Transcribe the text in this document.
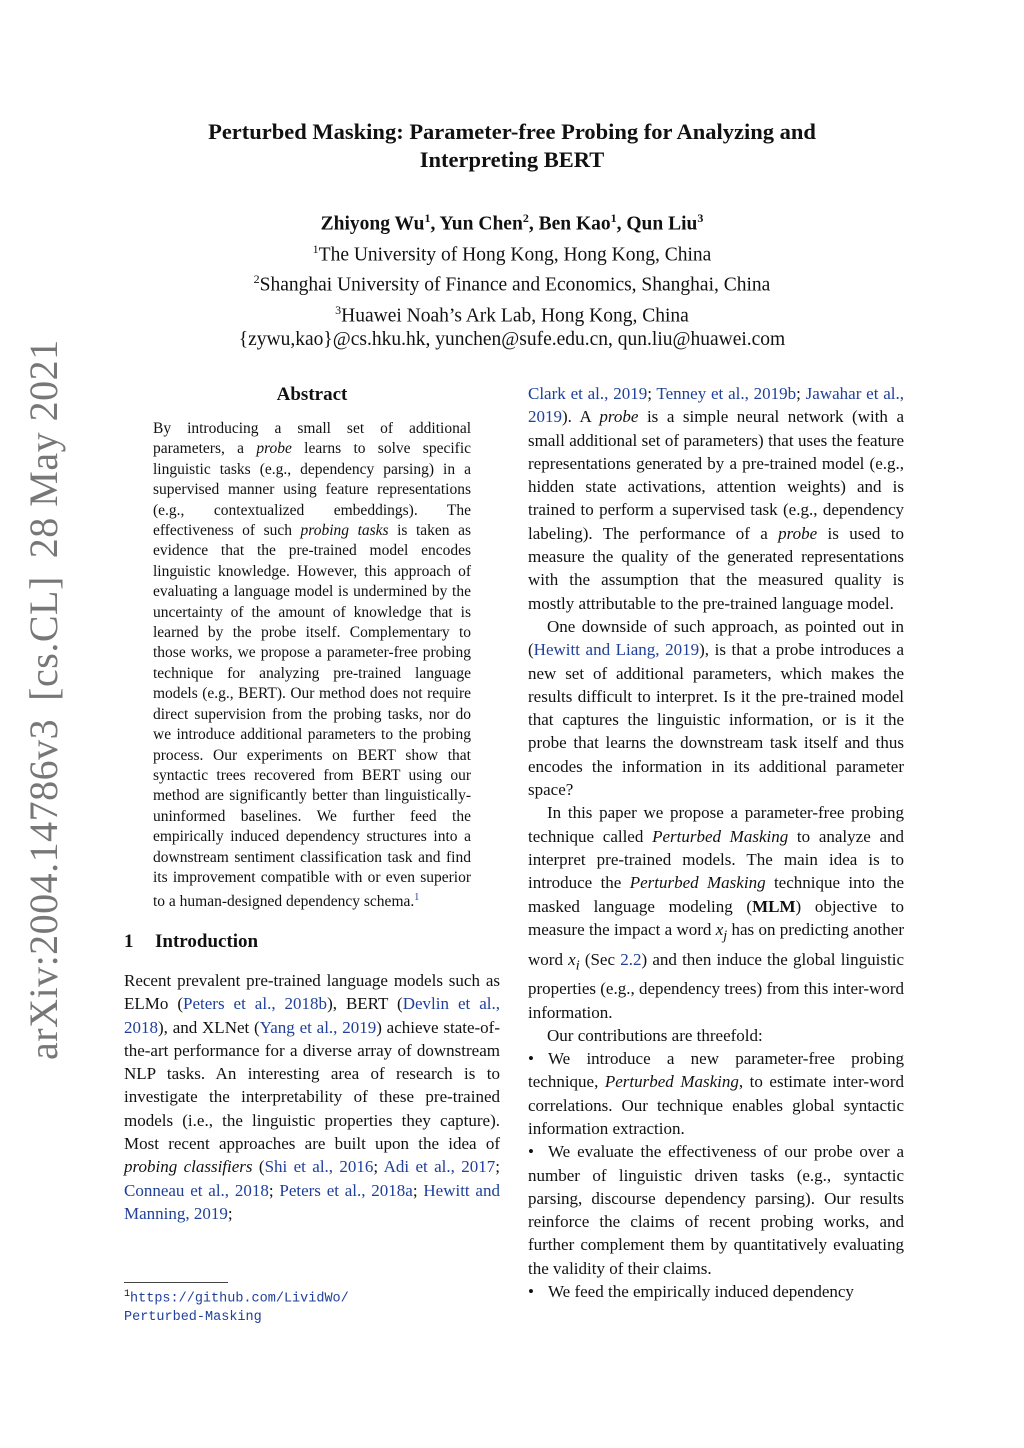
arXiv:2004.14786v3
[cs.CL]
28 May 2021
Perturbed Masking: Parameter-free Probing for Analyzing and
Interpreting BERT
Zhiyong Wu$^1$, Yun Chen$^2$, Ben Kao$^1$, Qun Liu$^3$
$^1$The University of Hong Kong, Hong Kong, China
$^2$Shanghai University of Finance and Economics, Shanghai, China
$^3$Huawei Noah’s Ark Lab, Hong Kong, China
{zywu,kao}@cs.hku.hk, yunchen@sufe.edu.cn, qun.liu@huawei.com
Abstract
By introducing a small set of additional parameters, a probe learns to solve specific linguistic tasks (e.g., dependency parsing) in a supervised manner using feature representations (e.g., contextualized embeddings). The effectiveness of such probing tasks is taken as evidence that the pre-trained model encodes linguistic knowledge. However, this approach of evaluating a language model is undermined by the uncertainty of the amount of knowledge that is learned by the probe itself. Complementary to those works, we propose a parameter-free probing technique for analyzing pre-trained language models (e.g., BERT). Our method does not require direct supervision from the probing tasks, nor do we introduce additional parameters to the probing process. Our experiments on BERT show that syntactic trees recovered from BERT using our method are significantly better than linguistically-uninformed baselines. We further feed the empirically induced dependency structures into a downstream sentiment classification task and find its improvement compatible with or even superior to a human-designed dependency schema.$^1$
1 Introduction
Recent prevalent pre-trained language models such as ELMo (Peters et al., 2018b), BERT (Devlin et al., 2018), and XLNet (Yang et al., 2019) achieve state-of-the-art performance for a diverse array of downstream NLP tasks. An interesting area of research is to investigate the interpretability of these pre-trained models (i.e., the linguistic properties they capture). Most recent approaches are built upon the idea of probing classifiers (Shi et al., 2016; Adi et al., 2017; Conneau et al., 2018; Peters et al., 2018a; Hewitt and Manning, 2019;
$^1$https://github.com/LividWo/
Perturbed-Masking
Clark et al., 2019; Tenney et al., 2019b; Jawahar et al., 2019). A probe is a simple neural network (with a small additional set of parameters) that uses the feature representations generated by a pre-trained model (e.g., hidden state activations, attention weights) and is trained to perform a supervised task (e.g., dependency labeling). The performance of a probe is used to measure the quality of the generated representations with the assumption that the measured quality is mostly attributable to the pre-trained language model.
One downside of such approach, as pointed out in (Hewitt and Liang, 2019), is that a probe introduces a new set of additional parameters, which makes the results difficult to interpret. Is it the pre-trained model that captures the linguistic information, or is it the probe that learns the downstream task itself and thus encodes the information in its additional parameter space?
In this paper we propose a parameter-free probing technique called Perturbed Masking to analyze and interpret pre-trained models. The main idea is to introduce the Perturbed Masking technique into the masked language modeling (MLM) objective to measure the impact a word $x_j$ has on predicting another word $x_i$ (Sec 2.2) and then induce the global linguistic properties (e.g., dependency trees) from this inter-word information.
Our contributions are threefold:
• We introduce a new parameter-free probing technique, Perturbed Masking, to estimate inter-word correlations. Our technique enables global syntactic information extraction.
• We evaluate the effectiveness of our probe over a number of linguistic driven tasks (e.g., syntactic parsing, discourse dependency parsing). Our results reinforce the claims of recent probing works, and further complement them by quantitatively evaluating the validity of their claims.
• We feed the empirically induced dependency
